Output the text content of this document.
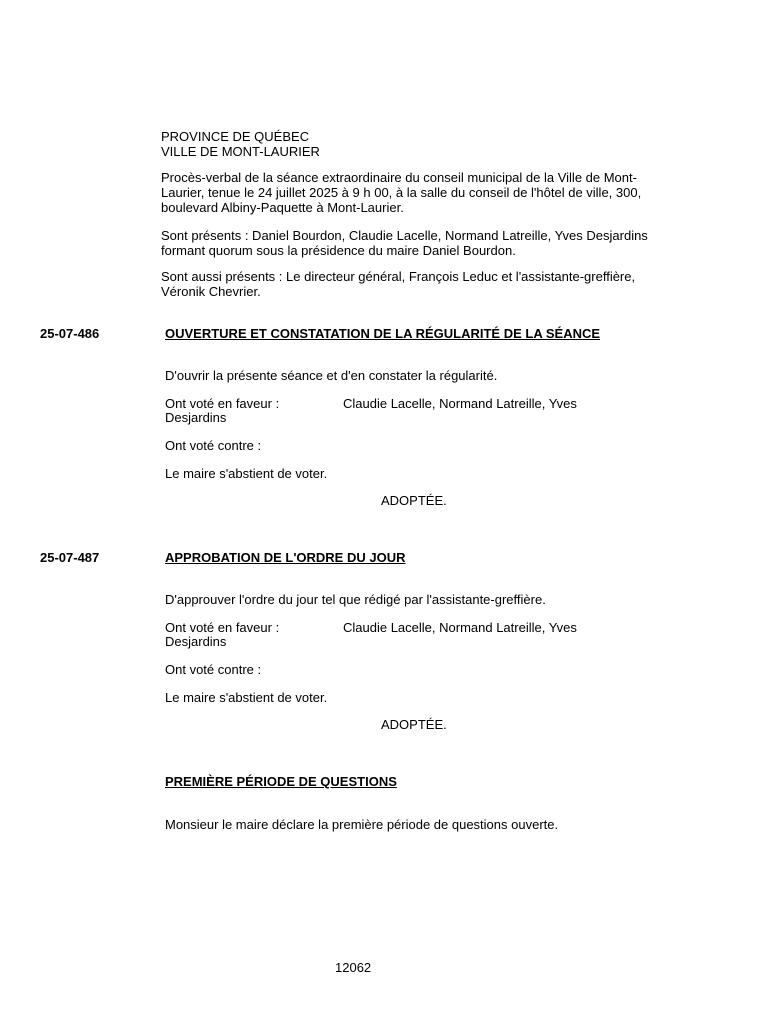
PROVINCE DE QUÉBEC

VILLE DE MONT-LAURIER

Procès-verbal de la séance extraordinaire du conseil municipal de la Ville de Mont-Laurier, tenue le 24 juillet 2025 à 9 h 00, à la salle du conseil de l'hôtel de ville, 300, boulevard Albiny-Paquette à Mont-Laurier.

Sont présents : Daniel Bourdon, Claudie Lacelle, Normand Latreille, Yves Desjardins formant quorum sous la présidence du maire Daniel Bourdon.

Sont aussi présents : Le directeur général, François Leduc et l'assistante-greffière, Véronik Chevrier.

25-07-486	OUVERTURE ET CONSTATATION DE LA RÉGULARITÉ DE LA SÉANCE

D'ouvrir la présente séance et d'en constater la régularité.

Ont voté en faveur :	Claudie Lacelle, Normand Latreille, Yves
Desjardins
Ont voté contre :
Le maire s'abstient de voter.
ADOPTÉE.
25-07-487	APPROBATION DE L'ORDRE DU JOUR

D'approuver l'ordre du jour tel que rédigé par l'assistante-greffière.

Ont voté en faveur :	Claudie Lacelle, Normand Latreille, Yves
Desjardins
Ont voté contre :
Le maire s'abstient de voter.
ADOPTÉE.
PREMIÈRE PÉRIODE DE QUESTIONS

Monsieur le maire déclare la première période de questions ouverte.

12062
